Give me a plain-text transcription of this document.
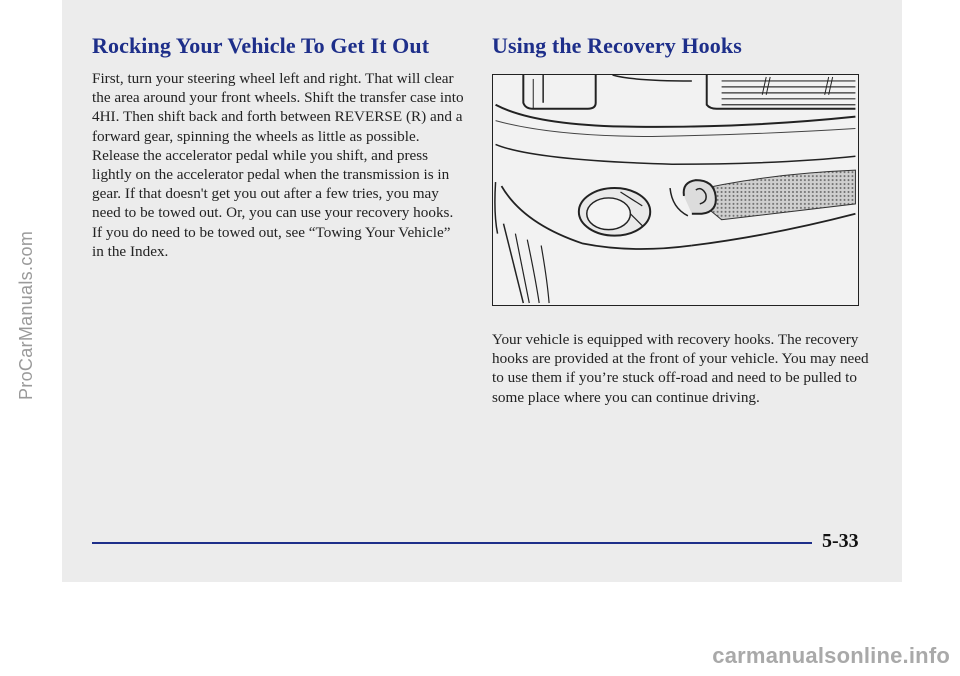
Rocking Your Vehicle To Get It Out

First, turn your steering wheel left and right. That will clear the area around your front wheels. Shift the transfer case into 4HI. Then shift back and forth between REVERSE (R) and a forward gear, spinning the wheels as little as possible. Release the accelerator pedal while you shift, and press lightly on the accelerator pedal when the transmission is in gear. If that doesn't get you out after a few tries, you may need to be towed out. Or, you can use your recovery hooks. If you do need to be towed out, see “Towing Your Vehicle” in the Index.

Using the Recovery Hooks

Your vehicle is equipped with recovery hooks. The recovery hooks are provided at the front of your vehicle. You may need to use them if you’re stuck off-road and need to be pulled to some place where you can continue driving.

5-33
ProCarManuals.com
carmanualsonline.info
